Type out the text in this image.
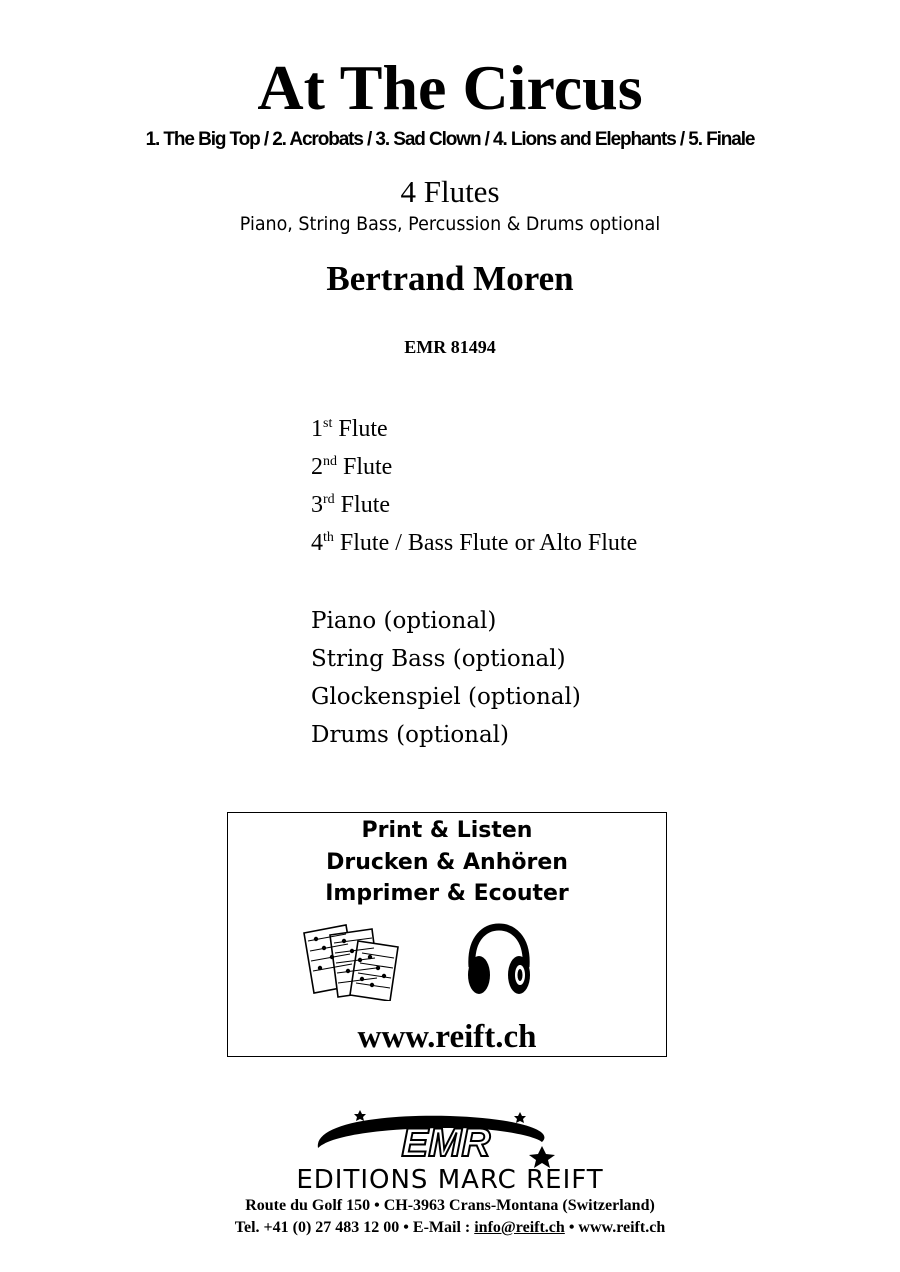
At The Circus
1. The Big Top / 2. Acrobats / 3. Sad Clown / 4. Lions and Elephants / 5. Finale
4 Flutes
Piano, String Bass, Percussion & Drums optional
Bertrand Moren
EMR 81494
1st Flute
2nd Flute
3rd Flute
4th Flute / Bass Flute or Alto Flute
Piano (optional)
String Bass (optional)
Glockenspiel (optional)
Drums (optional)
Print & Listen
Drucken & Anhören
Imprimer & Ecouter
www.reift.ch
EMR
EDITIONS MARC REIFT
Route du Golf 150 • CH-3963 Crans-Montana (Switzerland)
Tel. +41 (0) 27 483 12 00 • E-Mail : info@reift.ch • www.reift.ch
